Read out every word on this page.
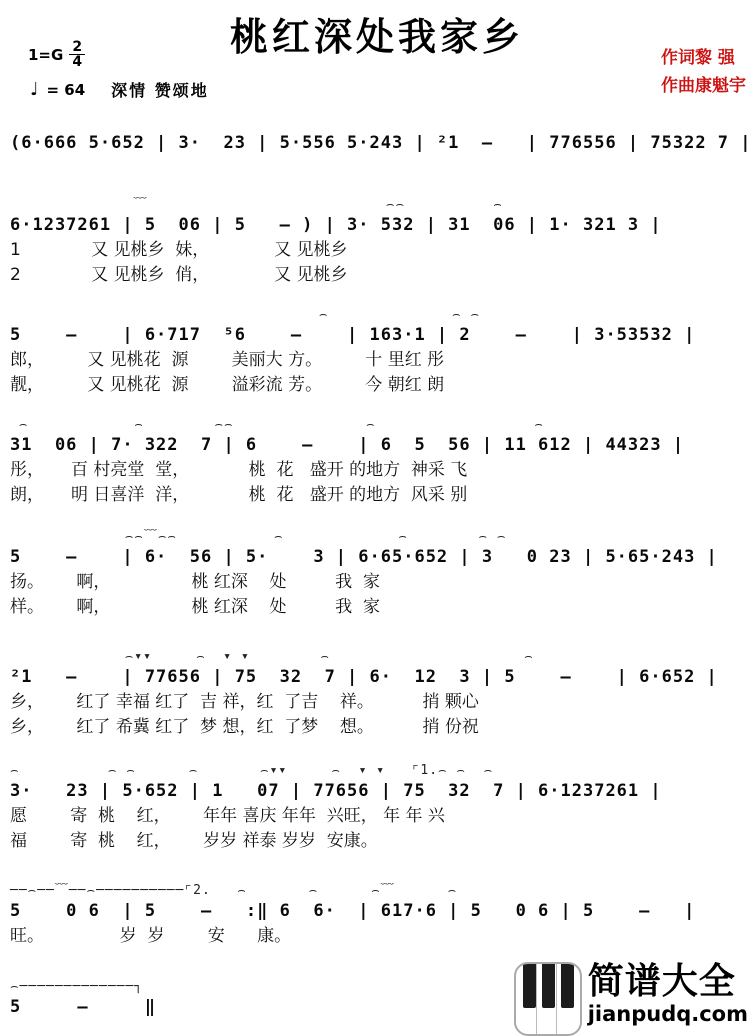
桃红深处我家乡
$1=G \frac{2}{4}$
♩ = 64 深情 赞颂地
作词黎 强
作曲康魁宇
(6·666 5·652 | 3·  23 | 5·556 5·243 | ²1  –   | 776556 | 75322 7 |
﹋                           ⌢⌢          ⌢
6·1237261 | 5  06 | 5   – ) | 3· 532 | 31  06 | 1· 321 3 |
1             又 见桃乡  妹，            又 见桃乡
2             又 见桃乡  俏，            又 见桃乡
⌢              ⌢ ⌢
5    –    | 6·717  ⁵6    –    | 163·1 | 2    –    | 3·53532 |
郎，        又 见桃花  源        美丽大 方。        十 里红 彤
靓，        又 见桃花  源        溢彩流 芳。        今 朝红 朗
⌢            ⌢        ⌢⌢               ⌢                  ⌢
31  06 | 7· 322  7 | 6    –    | 6  5  56 | 11 612 | 44323 |
彤，     百 村亮堂  堂，           桃  花   盛开 的地方  神采 飞
朗，     明 日喜洋  洋，           桃  花   盛开 的地方  风采 别
⌢⌢﹋⌢⌢           ⌢             ⌢        ⌢ ⌢
5    –    | 6·  56 | 5·    3 | 6·65·652 | 3   0 23 | 5·65·243 |
扬。      啊，               桃 红深    处         我  家
样。      啊，               桃 红深    处         我  家
⌢▾▾     ⌢  ▾ ▾        ⌢                      ⌢
²1   –    | 77656 | 75  32  7 | 6·  12  3 | 5    –    | 6·652 |
乡，      红了 幸福 红了  吉 祥，红  了吉    祥。         捎 颗心
乡，      红了 希冀 红了  梦 想，红  了梦    想。         捎 份祝
⌢          ⌢ ⌢      ⌢       ⌢▾▾     ⌢  ▾ ▾   ⌜1.⌢ ⌢  ⌢
3·   23 | 5·652 | 1   07 | 77656 | 75  32  7 | 6·1237261 |
愿        寄  桃    红，      年年 喜庆 年年  兴旺， 年 年 兴
福        寄  桃    红，      岁岁 祥泰 岁岁  安康。
──⌢──﹋──⌢──────────⌜2.   ⌢       ⌢      ⌢﹋      ⌢
5    0 6  | 5    –   :‖ 6  6·  | 617·6 | 5   0 6 | 5    –   |
旺。              岁  岁        安      康。
⌢─────────────┐
5     –     ‖
简谱大全
jianpudq.com
